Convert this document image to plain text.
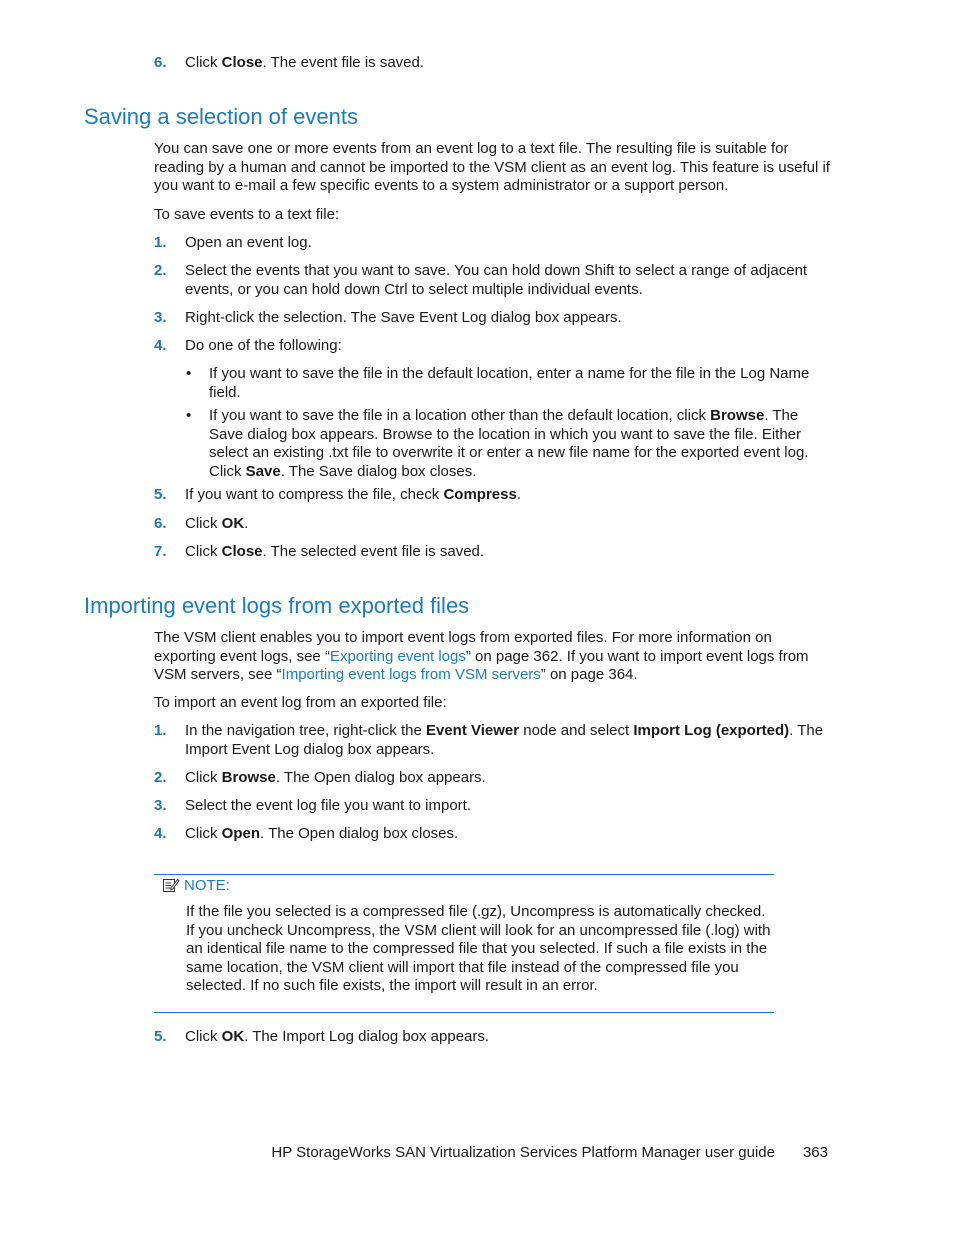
6. Click Close. The event file is saved.
Saving a selection of events
You can save one or more events from an event log to a text file. The resulting file is suitable for reading by a human and cannot be imported to the VSM client as an event log. This feature is useful if you want to e-mail a few specific events to a system administrator or a support person.
To save events to a text file:
1. Open an event log.
2. Select the events that you want to save. You can hold down Shift to select a range of adjacent events, or you can hold down Ctrl to select multiple individual events.
3. Right-click the selection. The Save Event Log dialog box appears.
4. Do one of the following:
• If you want to save the file in the default location, enter a name for the file in the Log Name field.
• If you want to save the file in a location other than the default location, click Browse. The Save dialog box appears. Browse to the location in which you want to save the file. Either select an existing .txt file to overwrite it or enter a new file name for the exported event log. Click Save. The Save dialog box closes.
5. If you want to compress the file, check Compress.
6. Click OK.
7. Click Close. The selected event file is saved.
Importing event logs from exported files
The VSM client enables you to import event logs from exported files. For more information on exporting event logs, see “Exporting event logs” on page 362. If you want to import event logs from VSM servers, see “Importing event logs from VSM servers” on page 364.
To import an event log from an exported file:
1. In the navigation tree, right-click the Event Viewer node and select Import Log (exported). The Import Event Log dialog box appears.
2. Click Browse. The Open dialog box appears.
3. Select the event log file you want to import.
4. Click Open. The Open dialog box closes.
NOTE:
If the file you selected is a compressed file (.gz), Uncompress is automatically checked. If you uncheck Uncompress, the VSM client will look for an uncompressed file (.log) with an identical file name to the compressed file that you selected. If such a file exists in the same location, the VSM client will import that file instead of the compressed file you selected. If no such file exists, the import will result in an error.
5. Click OK. The Import Log dialog box appears.
HP StorageWorks SAN Virtualization Services Platform Manager user guide 363
